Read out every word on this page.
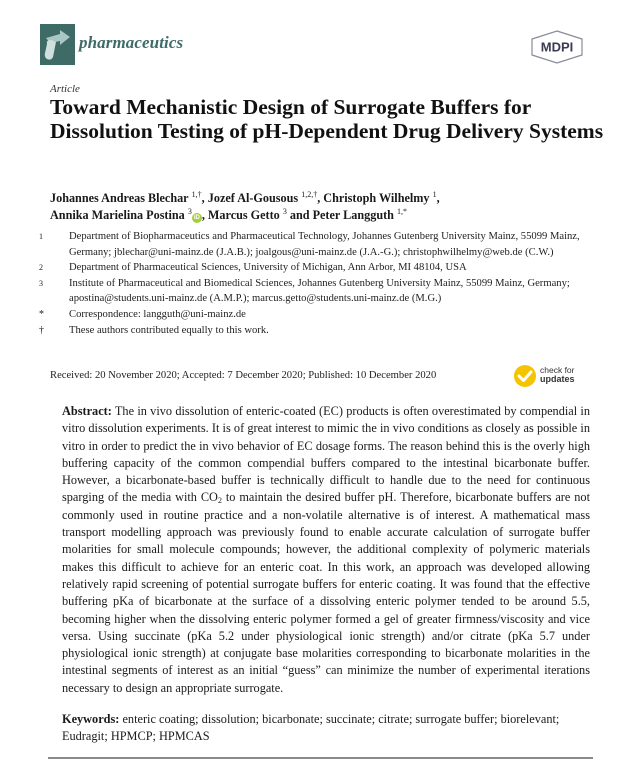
pharmaceutics	MDPI
Article
Toward Mechanistic Design of Surrogate Buffers for Dissolution Testing of pH-Dependent Drug Delivery Systems
Johannes Andreas Blechar $^{1,\dagger}$, Jozef Al-Gousous $^{1,2,\dagger}$, Christoph Wilhelmy $^1$,
Annika Marielina Postina $^3$iD , Marcus Getto $^3$ and Peter Langguth $^{1,*}$
1	Department of Biopharmaceutics and Pharmaceutical Technology, Johannes Gutenberg University Mainz, 55099 Mainz, Germany; jblechar@uni-mainz.de (J.A.B.); joalgous@uni-mainz.de (J.A.-G.); christophwilhelmy@web.de (C.W.)
2	Department of Pharmaceutical Sciences, University of Michigan, Ann Arbor, MI 48104, USA
3	Institute of Pharmaceutical and Biomedical Sciences, Johannes Gutenberg University Mainz, 55099 Mainz, Germany; apostina@students.uni-mainz.de (A.M.P.); marcus.getto@students.uni-mainz.de (M.G.)
*	Correspondence: langguth@uni-mainz.de
†	These authors contributed equally to this work.
Received: 20 November 2020; Accepted: 7 December 2020; Published: 10 December 2020	check for
updates
Abstract: The in vivo dissolution of enteric-coated (EC) products is often overestimated by compendial in vitro dissolution experiments. It is of great interest to mimic the in vivo conditions as closely as possible in vitro in order to predict the in vivo behavior of EC dosage forms. The reason behind this is the overly high buffering capacity of the common compendial buffers compared to the intestinal bicarbonate buffer. However, a bicarbonate-based buffer is technically difficult to handle due to the need for continuous sparging of the media with $CO_2$ to maintain the desired buffer pH. Therefore, bicarbonate buffers are not commonly used in routine practice and a non-volatile alternative is of interest. A mathematical mass transport modelling approach was previously found to enable accurate calculation of surrogate buffer molarities for small molecule compounds; however, the additional complexity of polymeric materials makes this difficult to achieve for an enteric coat. In this work, an approach was developed allowing relatively rapid screening of potential surrogate buffers for enteric coating. It was found that the effective buffering pKa of bicarbonate at the surface of a dissolving enteric polymer tended to be around 5.5, becoming higher when the dissolving enteric polymer formed a gel of greater firmness/viscosity and vice versa. Using succinate (pKa 5.2 under physiological ionic strength) and/or citrate (pKa 5.7 under physiological ionic strength) at conjugate base molarities corresponding to bicarbonate molarities in the intestinal segments of interest as an initial “guess” can minimize the number of experimental iterations necessary to design an appropriate surrogate.
Keywords: enteric coating; dissolution; bicarbonate; succinate; citrate; surrogate buffer; biorelevant; Eudragit; HPMCP; HPMCAS
